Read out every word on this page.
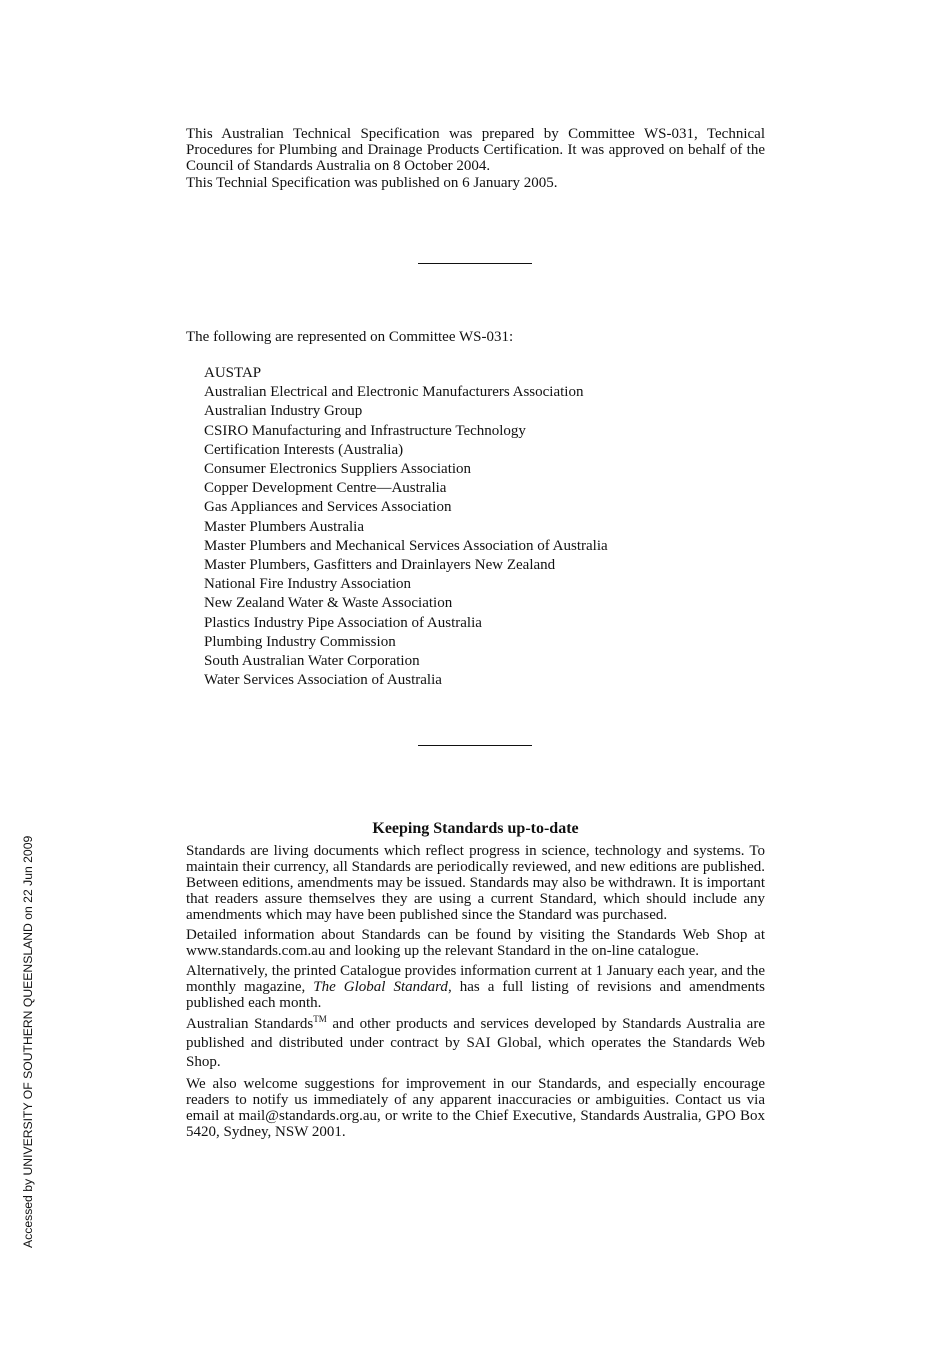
This Australian Technical Specification was prepared by Committee WS-031, Technical Procedures for Plumbing and Drainage Products Certification. It was approved on behalf of the Council of Standards Australia on 8 October 2004.

This Technial Specification was published on 6 January 2005.

The following are represented on Committee WS-031:

AUSTAP
Australian Electrical and Electronic Manufacturers Association
Australian Industry Group
CSIRO Manufacturing and Infrastructure Technology
Certification Interests (Australia)
Consumer Electronics Suppliers Association
Copper Development Centre—Australia
Gas Appliances and Services Association
Master Plumbers Australia
Master Plumbers and Mechanical Services Association of Australia
Master Plumbers, Gasfitters and Drainlayers New Zealand
National Fire Industry Association
New Zealand Water & Waste Association
Plastics Industry Pipe Association of Australia
Plumbing Industry Commission
South Australian Water Corporation
Water Services Association of Australia
Keeping Standards up-to-date

Standards are living documents which reflect progress in science, technology and systems. To maintain their currency, all Standards are periodically reviewed, and new editions are published. Between editions, amendments may be issued. Standards may also be withdrawn. It is important that readers assure themselves they are using a current Standard, which should include any amendments which may have been published since the Standard was purchased.

Detailed information about Standards can be found by visiting the Standards Web Shop at www.standards.com.au and looking up the relevant Standard in the on-line catalogue.

Alternatively, the printed Catalogue provides information current at 1 January each year, and the monthly magazine, The Global Standard, has a full listing of revisions and amendments published each month.

Australian Standards™ and other products and services developed by Standards Australia are published and distributed under contract by SAI Global, which operates the Standards Web Shop.

We also welcome suggestions for improvement in our Standards, and especially encourage readers to notify us immediately of any apparent inaccuracies or ambiguities. Contact us via email at mail@standards.org.au, or write to the Chief Executive, Standards Australia, GPO Box 5420, Sydney, NSW 2001.

Accessed by UNIVERSITY OF SOUTHERN QUEENSLAND on 22 Jun 2009
